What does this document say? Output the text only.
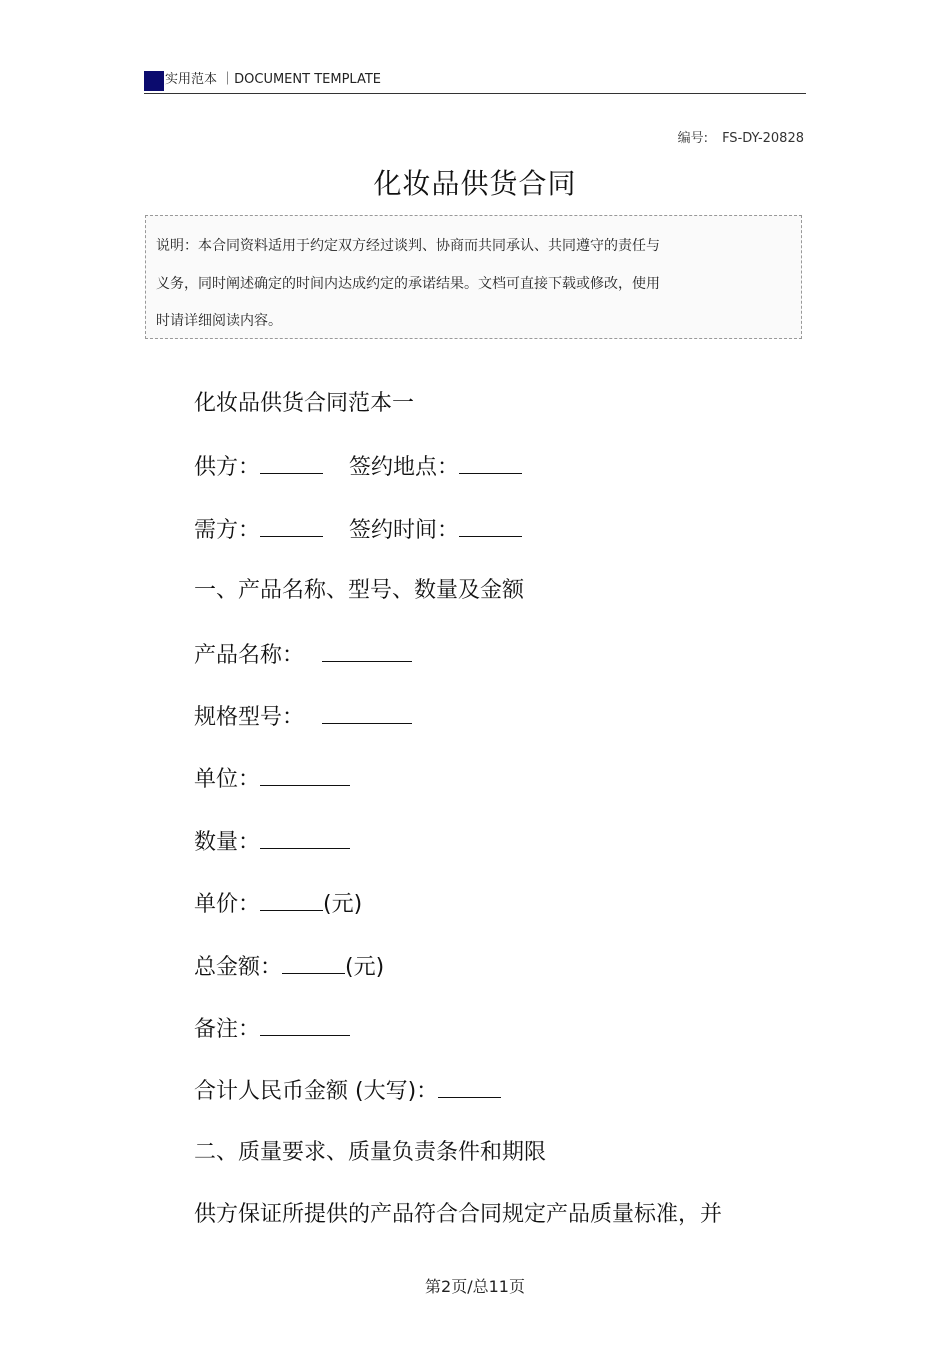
实用范本 ｜DOCUMENT TEMPLATE
编号: FS-DY-20828
化妆品供货合同
说明：本合同资料适用于约定双方经过谈判、协商而共同承认、共同遵守的责任与
义务，同时阐述确定的时间内达成约定的承诺结果。文档可直接下载或修改，使用
时请详细阅读内容。
化妆品供货合同范本一
供方：	签约地点：
需方：	签约时间：
一、产品名称、型号、数量及金额
产品名称：
规格型号：
单位：
数量：
单价：	(元)
总金额：	(元)
备注：
合计人民币金额 (大写)：
二、质量要求、质量负责条件和期限
供方保证所提供的产品符合合同规定产品质量标准，并
第2页/总11页
